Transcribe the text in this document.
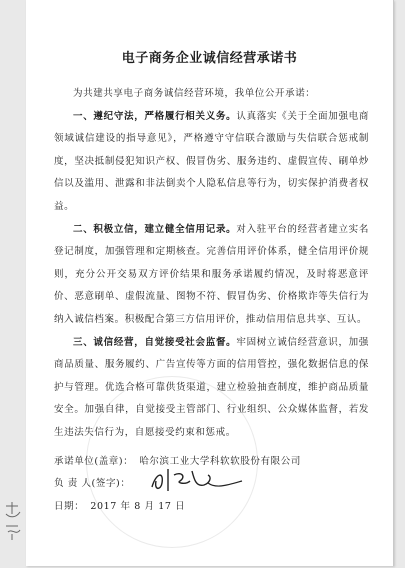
电子商务企业诚信经营承诺书

为共建共享电子商务诚信经营环境，我单位公开承诺：

一、遵纪守法，严格履行相关义务。认真落实《关于全面加强电商领域诚信建设的指导意见》，严格遵守守信联合激励与失信联合惩戒制度，坚决抵制侵犯知识产权、假冒伪劣、服务违约、虚假宣传、刷单炒信以及滥用、泄露和非法倒卖个人隐私信息等行为，切实保护消费者权益。

二、积极立信，建立健全信用记录。对入驻平台的经营者建立实名登记制度，加强管理和定期核查。完善信用评价体系，健全信用评价规则，充分公开交易双方评价结果和服务承诺履约情况，及时将恶意评价、恶意刷单、虚假流量、图物不符、假冒伪劣、价格欺诈等失信行为纳入诚信档案。积极配合第三方信用评价，推动信用信息共享、互认。

三、诚信经营，自觉接受社会监督。牢固树立诚信经营意识，加强商品质量、服务履约、广告宣传等方面的信用管控，强化数据信息的保护与管理。优选合格可靠供货渠道，建立检验抽查制度，维护商品质量安全。加强自律，自觉接受主管部门、行业组织、公众媒体监督，若发生违法失信行为，自愿接受约束和惩戒。

承诺单位(盖章)： 哈尔滨工业大学科软软股份有限公司
负 责 人(签字)：
日期： 2017 年 8 月 17 日
